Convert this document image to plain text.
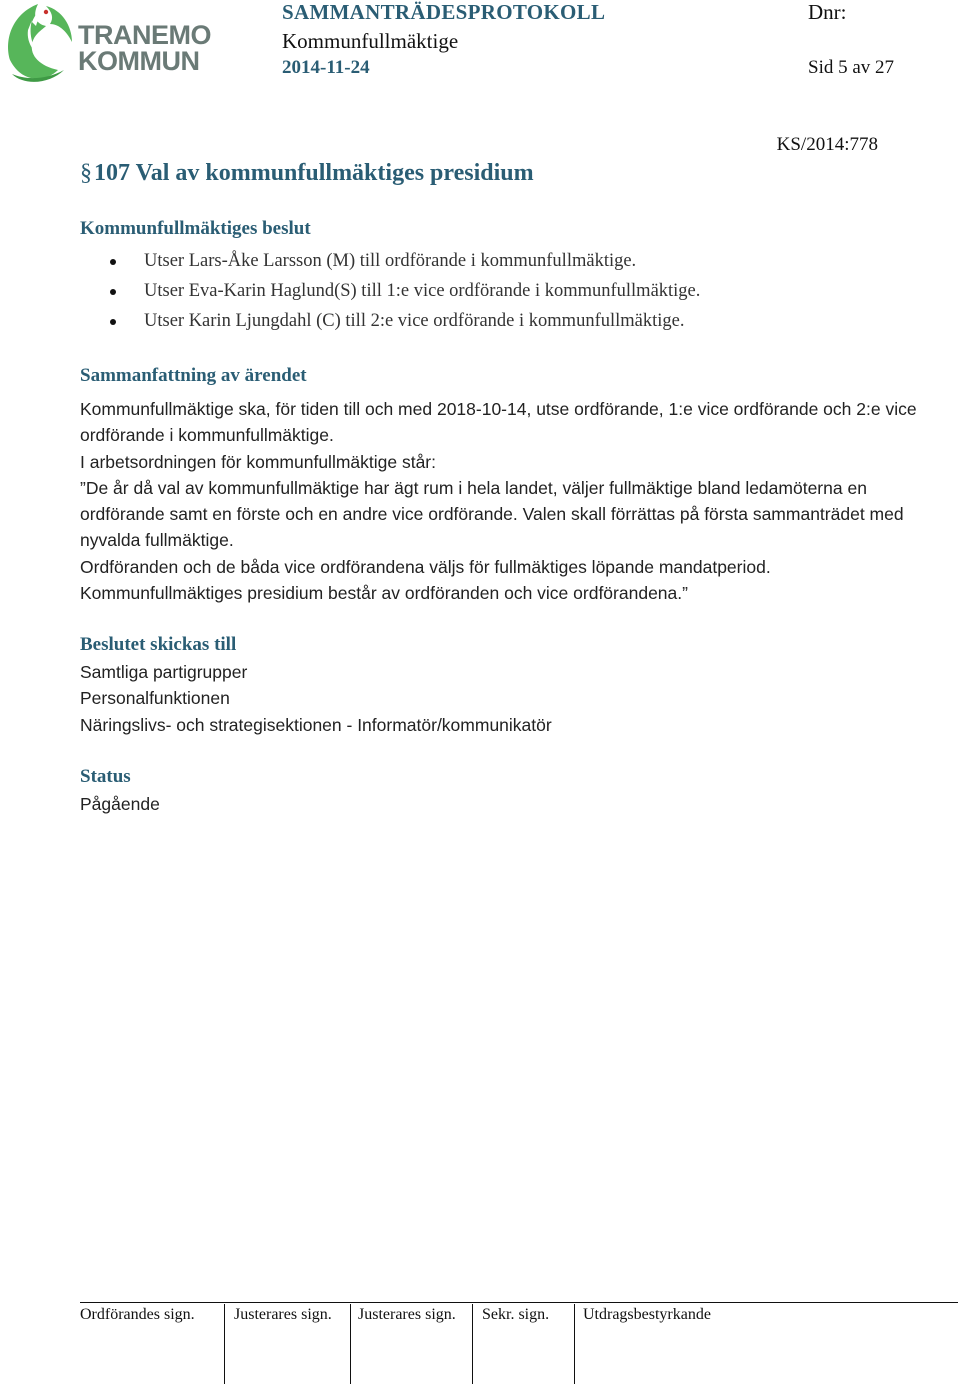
TRANEMO
KOMMUN
SAMMANTRÄDESPROTOKOLL
Kommunfullmäktige
2014-11-24
Dnr:
Sid 5 av 27
KS/2014:778
§107 Val av kommunfullmäktiges presidium
Kommunfullmäktiges beslut
Utser Lars-Åke Larsson (M) till ordförande i kommunfullmäktige.
Utser Eva-Karin Haglund(S) till 1:e vice ordförande i kommunfullmäktige.
Utser Karin Ljungdahl (C) till 2:e vice ordförande i kommunfullmäktige.
Sammanfattning av ärendet

Kommunfullmäktige ska, för tiden till och med 2018-10-14, utse ordförande, 1:e vice ordförande och 2:e vice ordförande i kommunfullmäktige.

I arbetsordningen för kommunfullmäktige står:

”De år då val av kommunfullmäktige har ägt rum i hela landet, väljer fullmäktige bland ledamöterna en ordförande samt en förste och en andre vice ordförande. Valen skall förrättas på första sammanträdet med nyvalda fullmäktige.

Ordföranden och de båda vice ordförandena väljs för fullmäktiges löpande mandatperiod.

Kommunfullmäktiges presidium består av ordföranden och vice ordförandena.”

Beslutet skickas till
Samtliga partigrupper
Personalfunktionen
Näringslivs- och strategisektionen - Informatör/kommunikatör
Status
Pågående
Ordförandes sign. Justerares sign. Justerares sign. Sekr. sign. Utdragsbestyrkande
